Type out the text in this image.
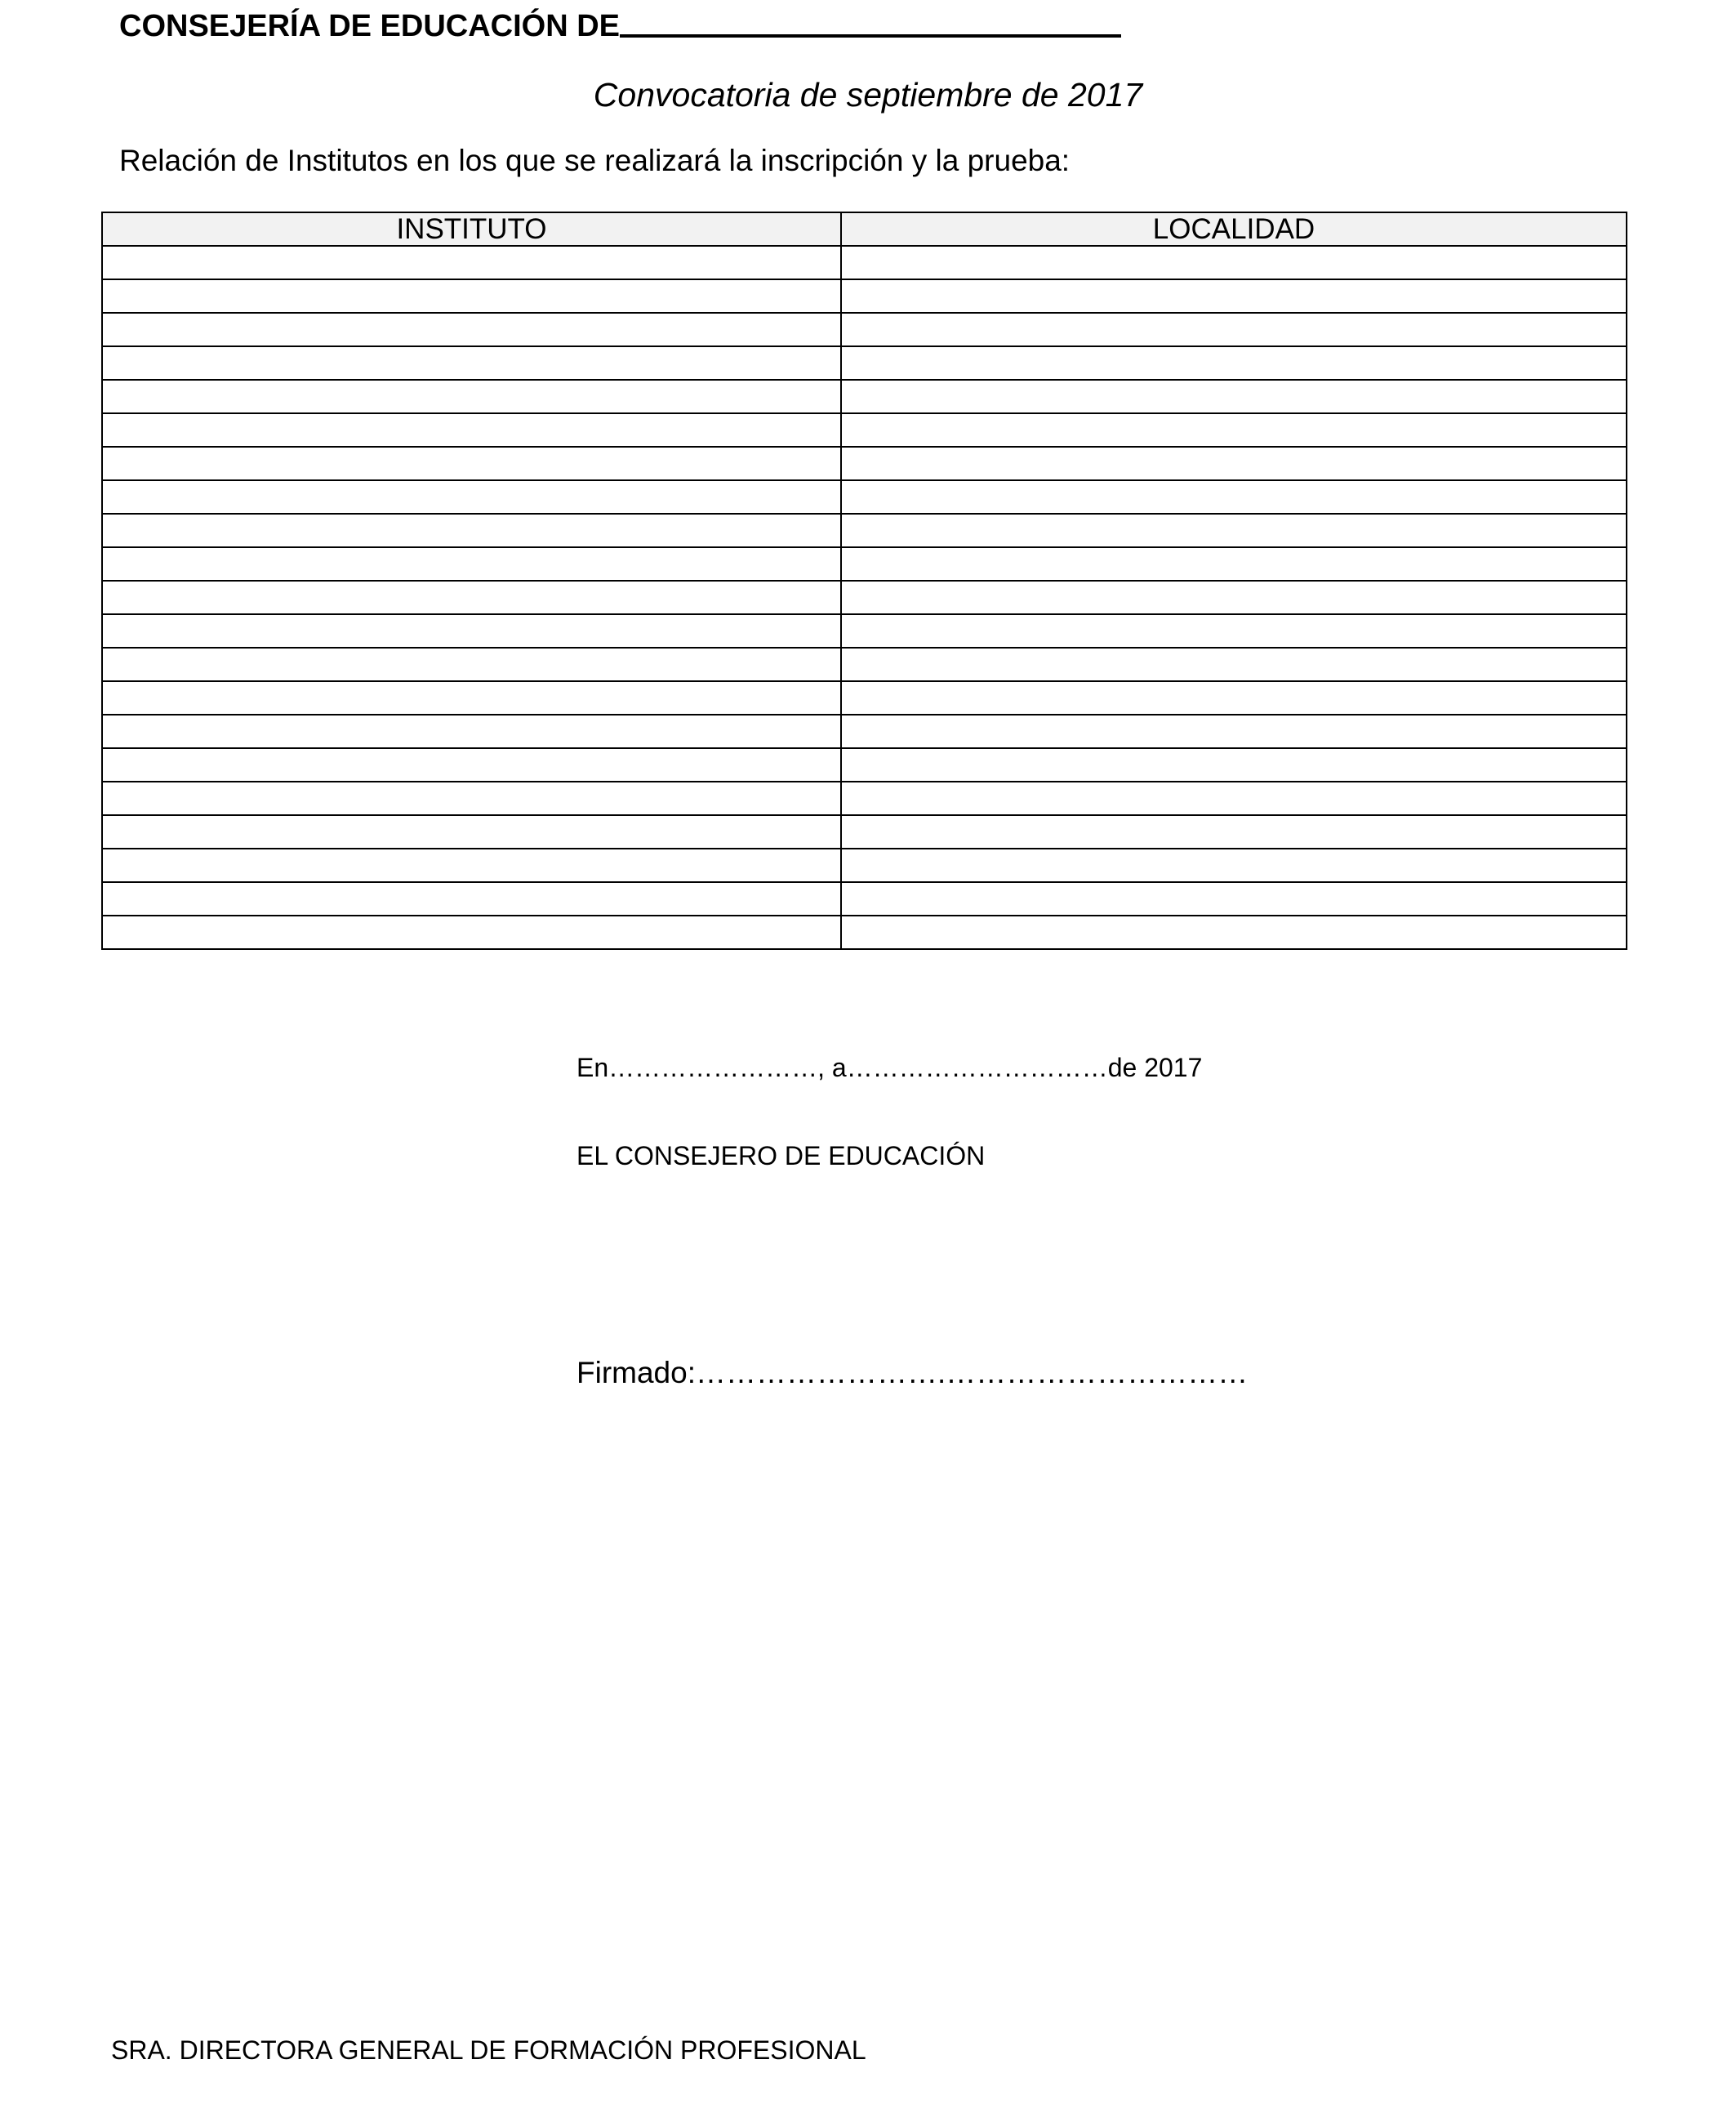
CONSEJERÍA DE EDUCACIÓN DE
Convocatoria de septiembre de 2017
Relación de Institutos en los que se realizará la inscripción y la prueba:
INSTITUTO	LOCALIDAD

En……………………, a…………………………de 2017
EL CONSEJERO DE EDUCACIÓN
Firmado:…………………….…………………………
SRA. DIRECTORA GENERAL DE FORMACIÓN PROFESIONAL
